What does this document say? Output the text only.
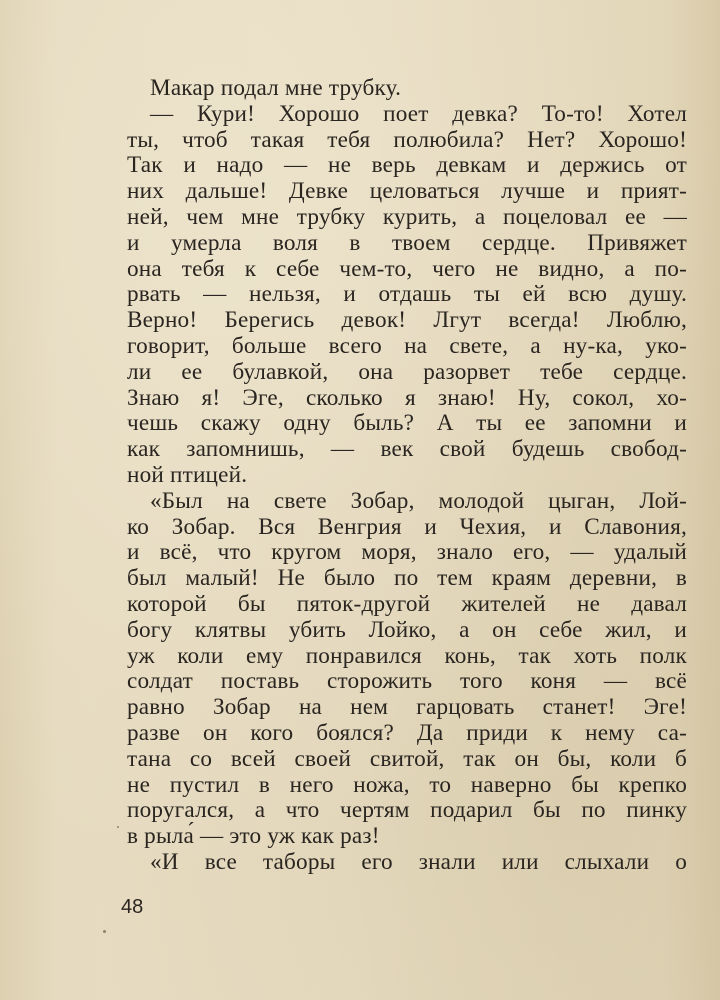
Макар подал мне трубку.
— Кури! Хорошо поет девка? То-то! Хотел
ты, чтоб такая тебя полюбила? Нет? Хорошо!
Так и надо — не верь девкам и держись от
них дальше! Девке целоваться лучше и прият-
ней, чем мне трубку курить, а поцеловал ее —
и умерла воля в твоем сердце. Привяжет
она тебя к себе чем-то, чего не видно, а по-
рвать — нельзя, и отдашь ты ей всю душу.
Верно! Берегись девок! Лгут всегда! Люблю,
говорит, больше всего на свете, а ну-ка, уко-
ли ее булавкой, она разорвет тебе сердце.
Знаю я! Эге, сколько я знаю! Ну, сокол, хо-
чешь скажу одну быль? А ты ее запомни и
как запомнишь, — век свой будешь свобод-
ной птицей.
«Был на свете Зобар, молодой цыган, Лой-
ко Зобар. Вся Венгрия и Чехия, и Славония,
и всё, что кругом моря, знало его, — удалый
был малый! Не было по тем краям деревни, в
которой бы пяток-другой жителей не давал
богу клятвы убить Лойко, а он себе жил, и
уж коли ему понравился конь, так хоть полк
солдат поставь сторожить того коня — всё
равно Зобар на нем гарцовать станет! Эге!
разве он кого боялся? Да приди к нему са-
тана со всей своей свитой, так он бы, коли б
не пустил в него ножа, то наверно бы крепко
поругался, а что чертям подарил бы по пинку
в рыла́ — это уж как раз!
«И все таборы его знали или слыхали о
48
